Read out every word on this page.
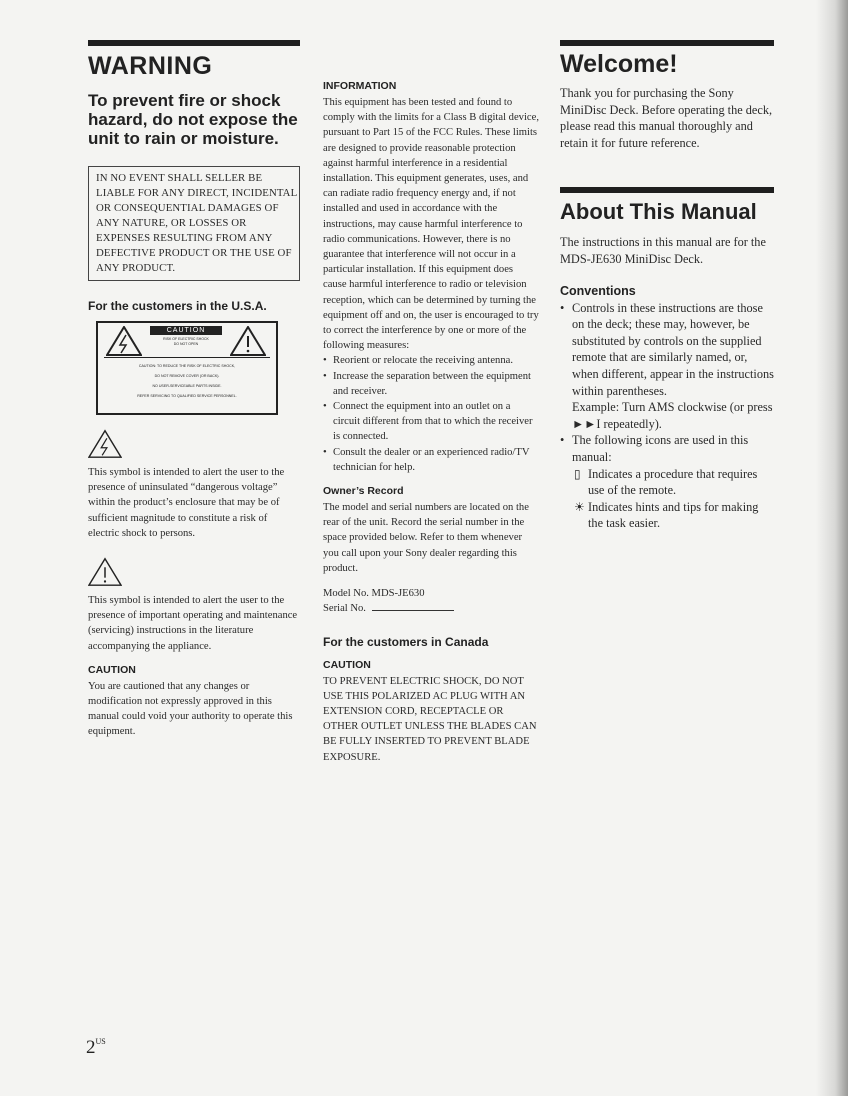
WARNING
To prevent fire or shock hazard, do not expose the unit to rain or moisture.
IN NO EVENT SHALL SELLER BE LIABLE FOR ANY DIRECT, INCIDENTAL OR CONSEQUENTIAL DAMAGES OF ANY NATURE, OR LOSSES OR EXPENSES RESULTING FROM ANY DEFECTIVE PRODUCT OR THE USE OF ANY PRODUCT.
For the customers in the U.S.A.
CAUTION
RISK OF ELECTRIC SHOCK
DO NOT OPEN
CAUTION: TO REDUCE THE RISK OF ELECTRIC SHOCK,
DO NOT REMOVE COVER (OR BACK).
NO USER-SERVICEABLE PARTS INSIDE.
REFER SERVICING TO QUALIFIED SERVICE PERSONNEL.
This symbol is intended to alert the user to the presence of uninsulated “dangerous voltage” within the product’s enclosure that may be of sufficient magnitude to constitute a risk of electric shock to persons.
This symbol is intended to alert the user to the presence of important operating and maintenance (servicing) instructions in the literature accompanying the appliance.
CAUTION
You are cautioned that any changes or modification not expressly approved in this manual could void your authority to operate this equipment.
INFORMATION
This equipment has been tested and found to comply with the limits for a Class B digital device, pursuant to Part 15 of the FCC Rules. These limits are designed to provide reasonable protection against harmful interference in a residential installation. This equipment generates, uses, and can radiate radio frequency energy and, if not installed and used in accordance with the instructions, may cause harmful interference to radio communications. However, there is no guarantee that interference will not occur in a particular installation. If this equipment does cause harmful interference to radio or television reception, which can be determined by turning the equipment off and on, the user is encouraged to try to correct the interference by one or more of the following measures:
• Reorient or relocate the receiving antenna.
• Increase the separation between the equipment and receiver.
• Connect the equipment into an outlet on a circuit different from that to which the receiver is connected.
• Consult the dealer or an experienced radio/TV technician for help.
Owner’s Record
The model and serial numbers are located on the rear of the unit. Record the serial number in the space provided below. Refer to them whenever you call upon your Sony dealer regarding this product.
Model No. MDS-JE630
Serial No.
For the customers in Canada
CAUTION
TO PREVENT ELECTRIC SHOCK, DO NOT USE THIS POLARIZED AC PLUG WITH AN EXTENSION CORD, RECEPTACLE OR OTHER OUTLET UNLESS THE BLADES CAN BE FULLY INSERTED TO PREVENT BLADE EXPOSURE.
Welcome!
Thank you for purchasing the Sony MiniDisc Deck. Before operating the deck, please read this manual thoroughly and retain it for future reference.
About This Manual
The instructions in this manual are for the MDS-JE630 MiniDisc Deck.
Conventions
• Controls in these instructions are those on the deck; these may, however, be substituted by controls on the supplied remote that are similarly named, or, when different, appear in the instructions within parentheses.
Example: Turn AMS clockwise (or press ►►I repeatedly).
• The following icons are used in this manual:
▯ Indicates a procedure that requires use of the remote.
☀ Indicates hints and tips for making the task easier.
$2^{US}$
